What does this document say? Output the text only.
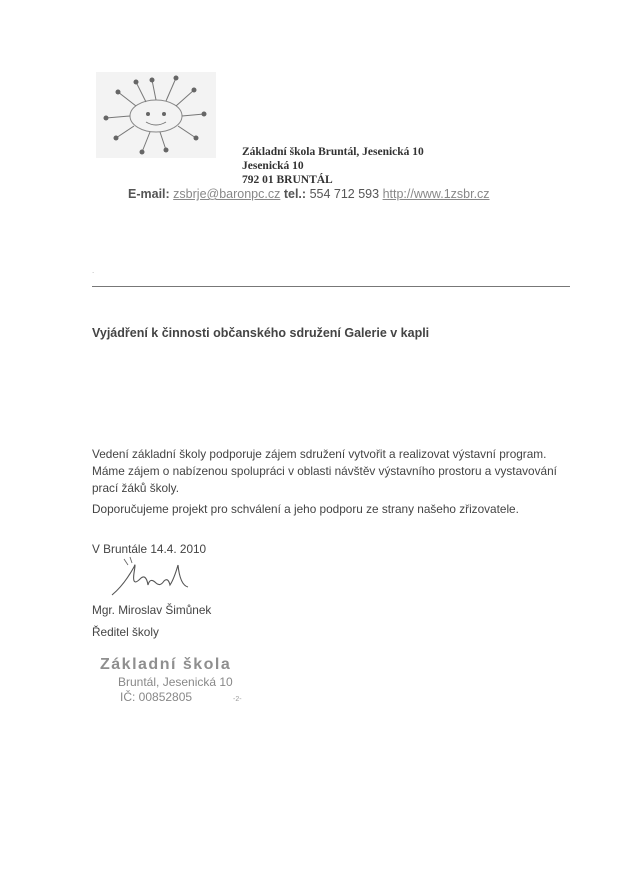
Základní škola Bruntál, Jesenická 10
Jesenická 10
792 01 BRUNTÁL
E-mail: zsbrje@baronpc.cz tel.: 554 712 593 http://www.1zsbr.cz
.
Vyjádření k činnosti občanského sdružení Galerie v kapli

Vedení základní školy podporuje zájem sdružení vytvořit a realizovat výstavní program.

Máme zájem o nabízenou spolupráci v oblasti návštěv výstavního prostoru a vystavování

prací žáků školy.

Doporučujeme projekt pro schválení a jeho podporu ze strany našeho zřizovatele.

V Bruntále 14.4. 2010
Mgr. Miroslav Šimůnek
Ředitel školy
Základní škola
Bruntál, Jesenická 10
IČ: 00852805	-2-
